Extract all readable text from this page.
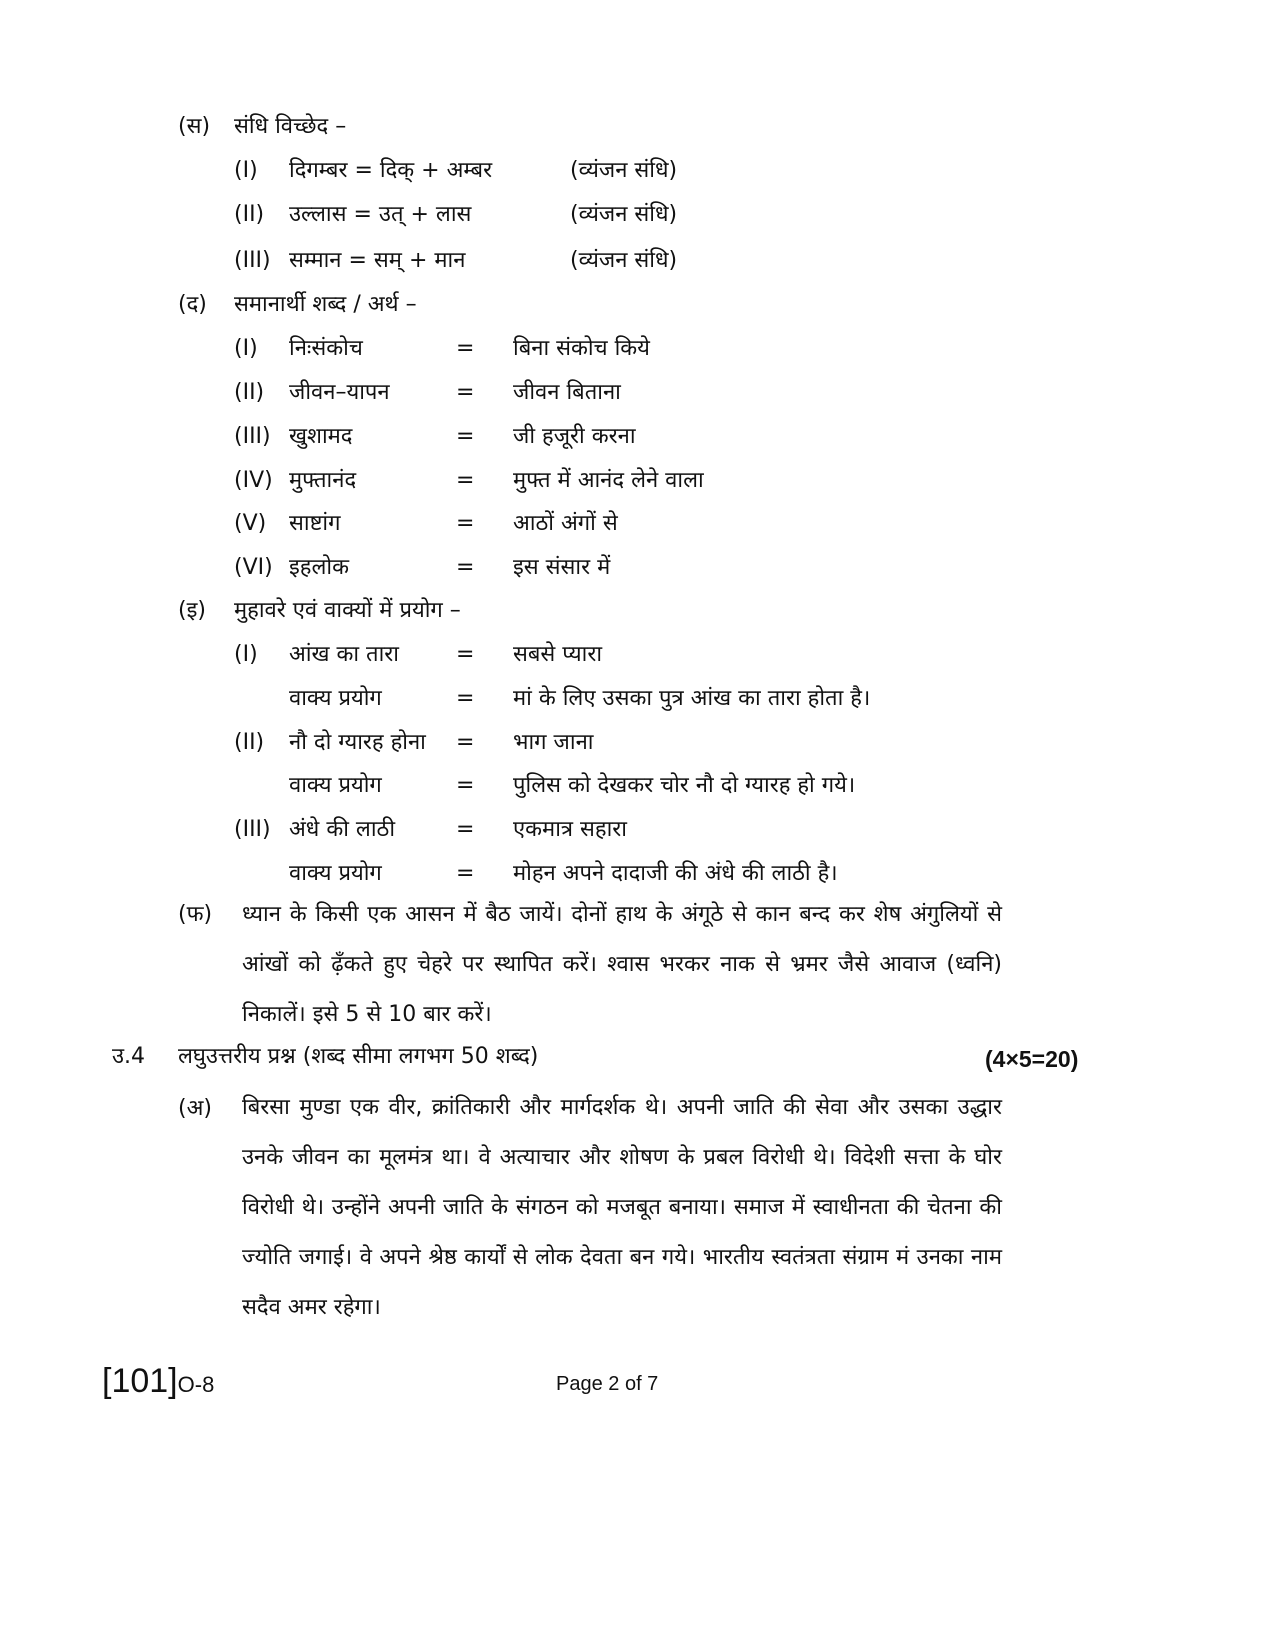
(स) संधि विच्छेद –
(I) दिगम्बर = दिक् + अम्बर	(व्यंजन संधि)
(II) उल्लास = उत् + लास	(व्यंजन संधि)
(III) सम्मान = सम् + मान	(व्यंजन संधि)
(द) समानार्थी शब्द / अर्थ –
(I) निःसंकोच	= बिना संकोच किये
(II) जीवन–यापन	= जीवन बिताना
(III) खुशामद	= जी हजूरी करना
(IV) मुफ्तानंद	= मुफ्त में आनंद लेने वाला
(V) साष्टांग	= आठों अंगों से
(VI) इहलोक	= इस संसार में
(इ) मुहावरे एवं वाक्यों में प्रयोग –
(I) आंख का तारा	= सबसे प्यारा
वाक्य प्रयोग	= मां के लिए उसका पुत्र आंख का तारा होता है।
(II) नौ दो ग्यारह होना = भाग जाना
वाक्य प्रयोग	= पुलिस को देखकर चोर नौ दो ग्यारह हो गये।
(III) अंधे की लाठी	= एकमात्र सहारा
वाक्य प्रयोग	= मोहन अपने दादाजी की अंधे की लाठी है।
(फ) ध्यान के किसी एक आसन में बैठ जायें। दोनों हाथ के अंगूठे से कान बन्द कर शेष अंगुलियों से आंखों को ढ़ँकते हुए चेहरे पर स्थापित करें। श्वास भरकर नाक से भ्रमर जैसे आवाज (ध्वनि) निकालें। इसे 5 से 10 बार करें।
उ.4 लघुउत्तरीय प्रश्न (शब्द सीमा लगभग 50 शब्द)	(4×5=20)
(अ) बिरसा मुण्डा एक वीर, क्रांतिकारी और मार्गदर्शक थे। अपनी जाति की सेवा और उसका उद्धार उनके जीवन का मूलमंत्र था। वे अत्याचार और शोषण के प्रबल विरोधी थे। विदेशी सत्ता के घोर विरोधी थे। उन्होंने अपनी जाति के संगठन को मजबूत बनाया। समाज में स्वाधीनता की चेतना की ज्योति जगाई। वे अपने श्रेष्ठ कार्यों से लोक देवता बन गये। भारतीय स्वतंत्रता संग्राम मं उनका नाम सदैव अमर रहेगा।
[101]O-8	Page 2 of 7
